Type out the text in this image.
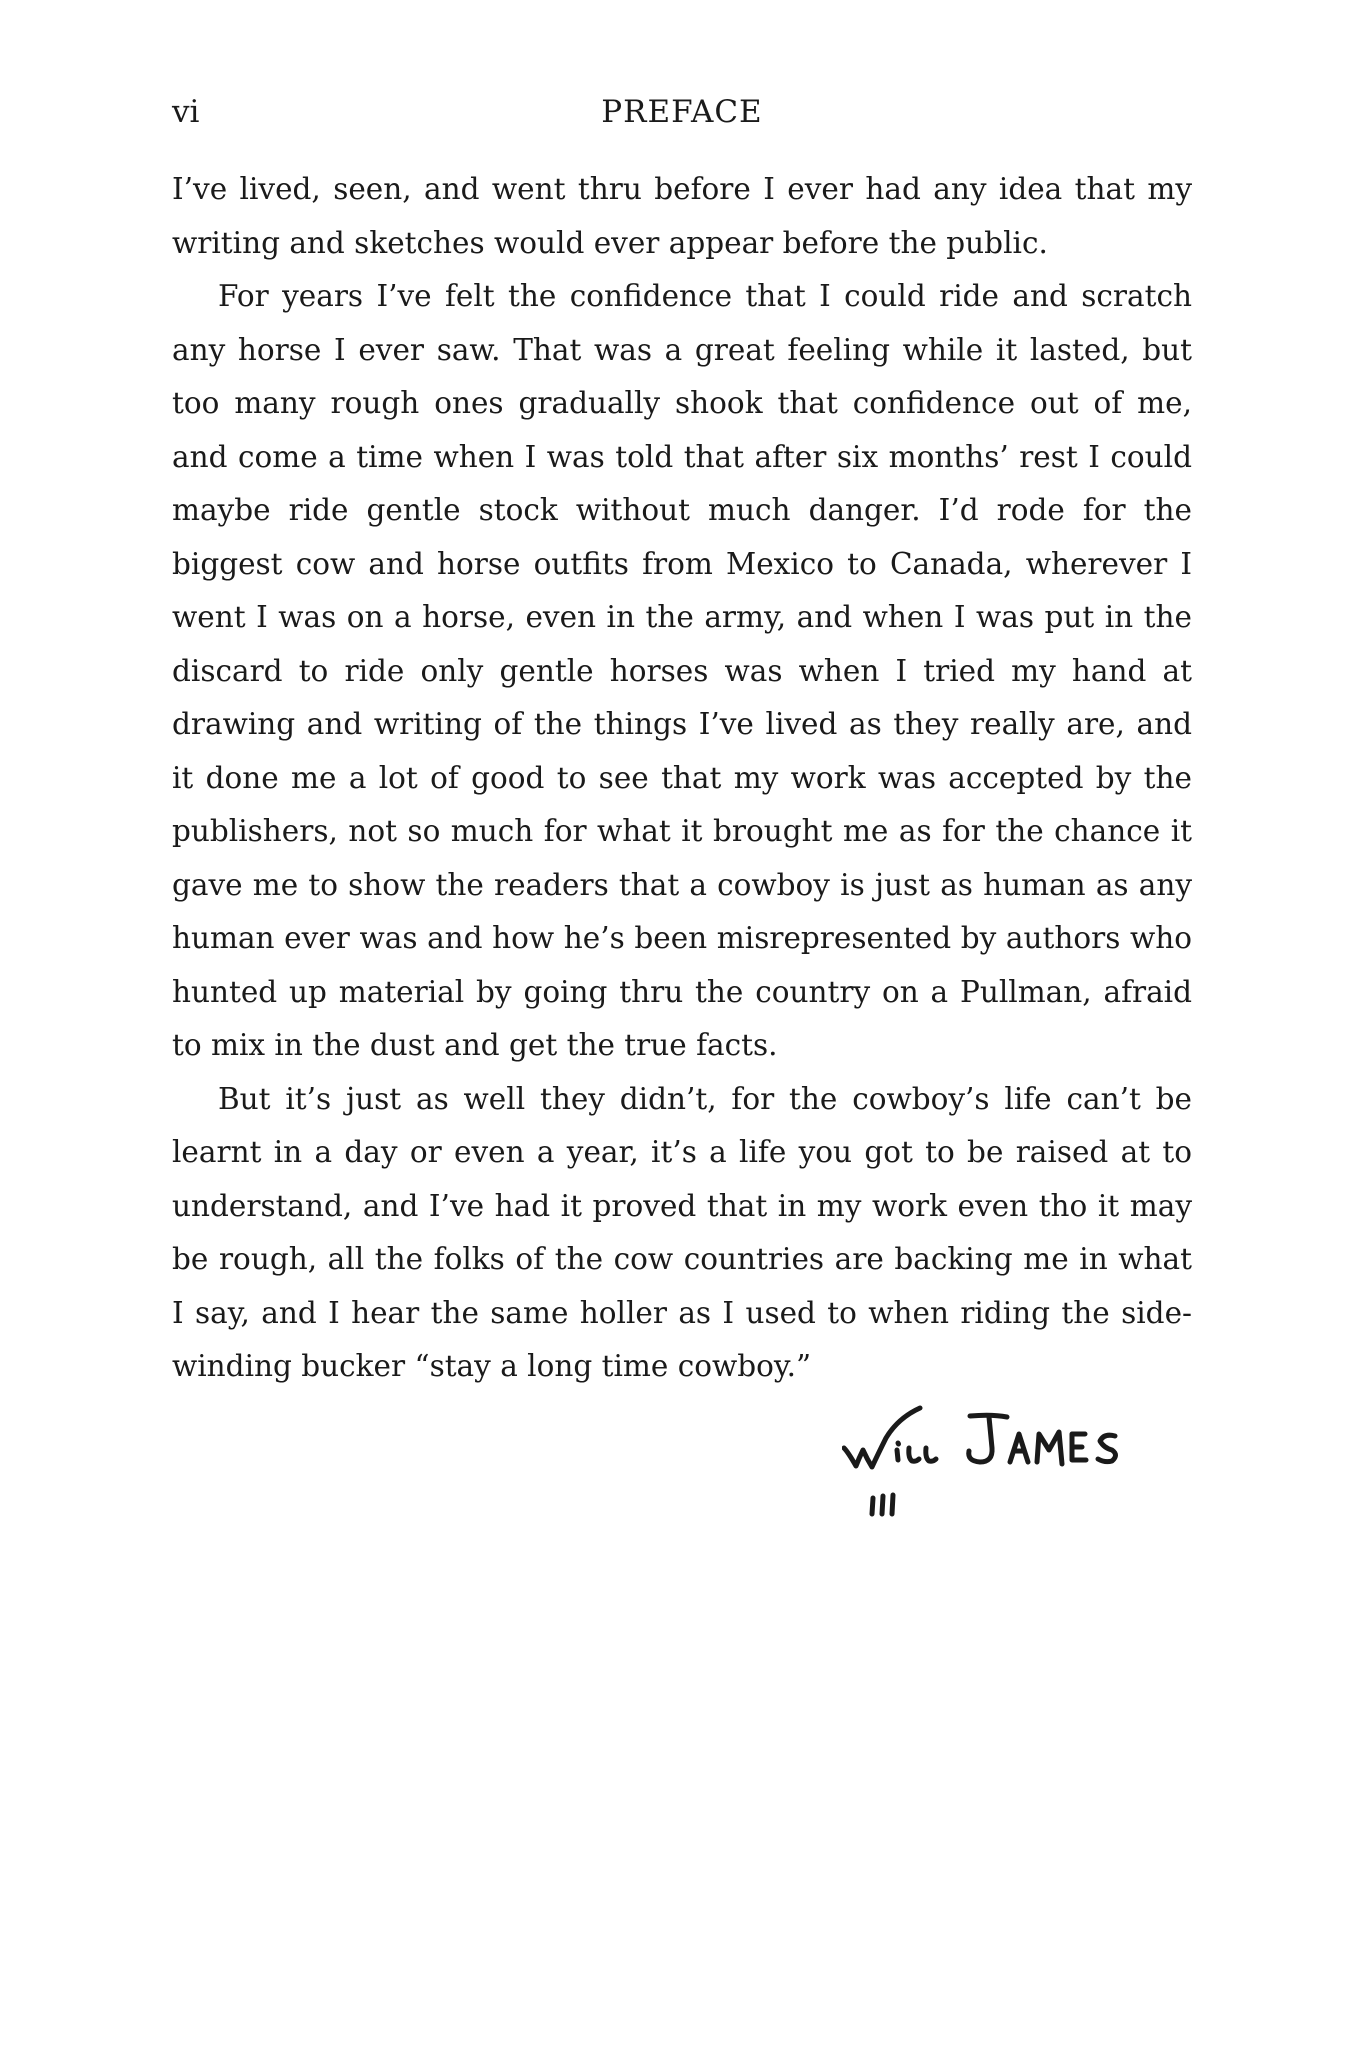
vi	PREFACE

I’ve lived, seen, and went thru before I ever had any idea that my writing and sketches would ever appear before the public.

For years I’ve felt the confidence that I could ride and scratch any horse I ever saw. That was a great feeling while it lasted, but too many rough ones gradually shook that confidence out of me, and come a time when I was told that after six months’ rest I could maybe ride gentle stock without much danger. I’d rode for the biggest cow and horse outfits from Mexico to Canada, wherever I went I was on a horse, even in the army, and when I was put in the discard to ride only gentle horses was when I tried my hand at drawing and writing of the things I’ve lived as they really are, and it done me a lot of good to see that my work was accepted by the publishers, not so much for what it brought me as for the chance it gave me to show the readers that a cowboy is just as human as any human ever was and how he’s been misrepresented by authors who hunted up material by going thru the country on a Pullman, afraid to mix in the dust and get the true facts.

But it’s just as well they didn’t, for the cowboy’s life can’t be learnt in a day or even a year, it’s a life you got to be raised at to understand, and I’ve had it proved that in my work even tho it may be rough, all the folks of the cow countries are backing me in what I say, and I hear the same holler as I used to when riding the side-winding bucker “stay a long time cowboy.”
